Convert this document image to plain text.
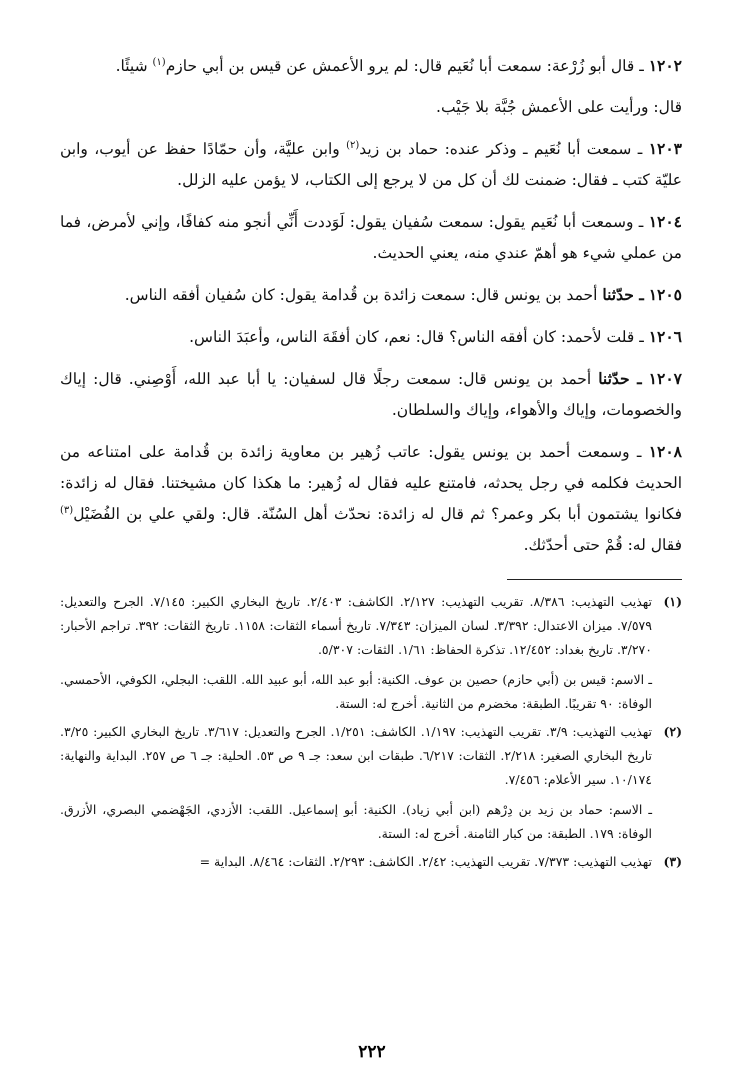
١٢٠٢ ـ قال أبو زُرْعة: سمعت أبا نُعَيم قال: لم يرو الأعمش عن قيس بن أبي حازم$^{(١)}$ شيئًا.

قال: ورأيت على الأعمش جُبَّة بلا جَيْب.

١٢٠٣ ـ سمعت أبا نُعَيم ـ وذكر عنده: حماد بن زيد$^{(٢)}$ وابن عليَّة، وأن حمّادًا حفظ عن أيوب، وابن عليّة كتب ـ فقال: ضمنت لك أن كل من لا يرجع إلى الكتاب، لا يؤمن عليه الزلل.

١٢٠٤ ـ وسمعت أبا نُعَيم يقول: سمعت سُفيان يقول: لَوَددت أَنِّي أنجو منه كفافًا، وإني لأمرض، فما من عملي شيء هو أهمّ عندي منه، يعني الحديث.

١٢٠٥ ـ حدّثنا أحمد بن يونس قال: سمعت زائدة بن قُدامة يقول: كان سُفيان أفقه الناس.

١٢٠٦ ـ قلت لأحمد: كان أفقه الناس؟ قال: نعم، كان أفقَهَ الناس، وأعبَدَ الناس.

١٢٠٧ ـ حدّثنا أحمد بن يونس قال: سمعت رجلًا قال لسفيان: يا أبا عبد الله، أَوْصِني. قال: إياك والخصومات، وإياك والأهواء، وإياك والسلطان.

١٢٠٨ ـ وسمعت أحمد بن يونس يقول: عاتب زُهير بن معاوية زائدة بن قُدامة على امتناعه من الحديث فكلمه في رجل يحدثه، فامتنع عليه فقال له زُهير: ما هكذا كان مشيختنا. فقال له زائدة: فكانوا يشتمون أبا بكر وعمر؟ ثم قال له زائدة: نحدّث أهل السُنّة. قال: ولقي علي بن الفُضَيْل$^{(٣)}$ فقال له: قُمْ حتى أحدّثك.

(١)
تهذيب التهذيب: ٨/٣٨٦. تقريب التهذيب: ٢/١٢٧. الكاشف: ٢/٤٠٣. تاريخ البخاري الكبير: ٧/١٤٥. الجرح والتعديل: ٧/٥٧٩. ميزان الاعتدال: ٣/٣٩٢. لسان الميزان: ٧/٣٤٣. تاريخ أسماء الثقات: ١١٥٨. تاريخ الثقات: ٣٩٢. تراجم الأحبار: ٣/٢٧٠. تاريخ بغداد: ١٢/٤٥٢. تذكرة الحفاظ: ١/٦١. الثقات: ٥/٣٠٧.

ـ الاسم: قيس بن (أبي حازم) حصين بن عوف. الكنية: أبو عبد الله، أبو عبيد الله. اللقب: البجلي، الكوفي، الأحمسي. الوفاة: ٩٠ تقريبًا. الطبقة: مخضرم من الثانية. أخرج له: الستة.

(٢)
تهذيب التهذيب: ٣/٩. تقريب التهذيب: ١/١٩٧. الكاشف: ١/٢٥١. الجرح والتعديل: ٣/٦١٧. تاريخ البخاري الكبير: ٣/٢٥. تاريخ البخاري الصغير: ٢/٢١٨. الثقات: ٦/٢١٧. طبقات ابن سعد: جـ ٩ ص ٥٣. الحلية: جـ ٦ ص ٢٥٧. البداية والنهاية: ١٠/١٧٤. سير الأعلام: ٧/٤٥٦.

ـ الاسم: حماد بن زيد بن دِرْهم (ابن أبي زياد). الكنية: أبو إسماعيل. اللقب: الأزدي، الجَهْضمي البصري، الأزرق. الوفاة: ١٧٩. الطبقة: من كبار الثامنة. أخرج له: الستة.

(٣)
تهذيب التهذيب: ٧/٣٧٣. تقريب التهذيب: ٢/٤٢. الكاشف: ٢/٢٩٣. الثقات: ٨/٤٦٤. البداية =

٢٢٢
